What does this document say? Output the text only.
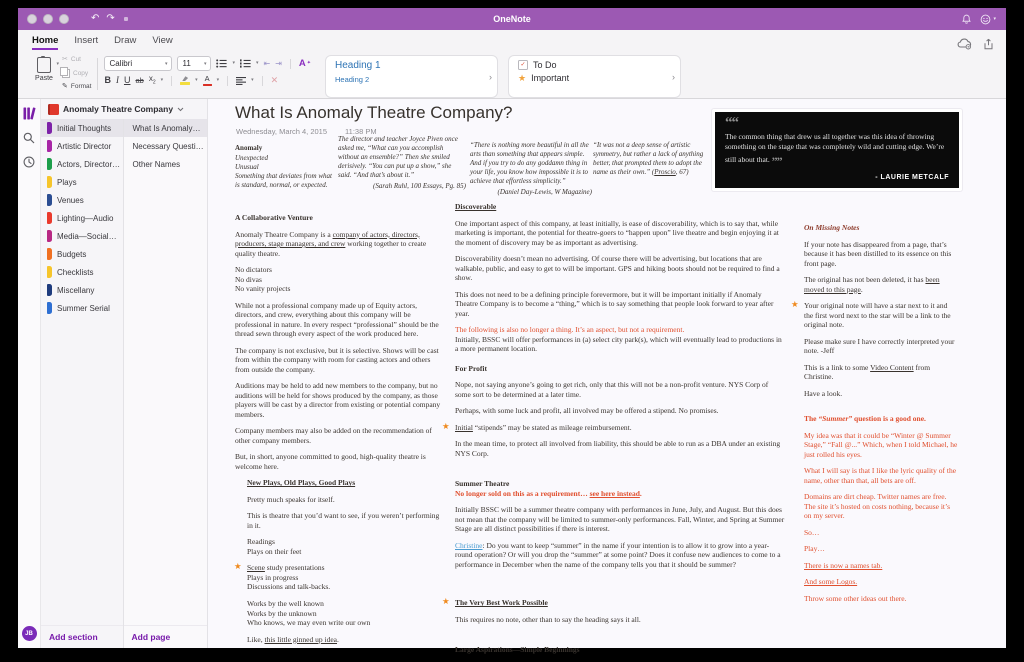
↶ ↷	OneNote	▾
Home Insert Draw View
Paste
▾
✂ Cut
Copy
✎ Format
Calibri	▾ 11	▾	▾	▾ ⇤ ⇥ A ✦
B I U ab $x_2$	▾	▾ A	▾	▾ ✕
Heading 1
Heading 2	›
✓ To Do
★ Important	›
JB
Anomaly Theatre Company
Initial Thoughts
Artistic Director
Actors, Director…
Plays
Venues
Lighting—Audio
Media—Social…
Budgets
Checklists
Miscellany
Summer Serial
Add section
What Is Anomaly…
Necessary Questi…
Other Names
Add page
What Is Anomaly Theatre Company?
Wednesday, March 4, 2015 11:38 PM
Anomaly
Unexpected
Unusual
Something that deviates from what is standard, normal, or expected.
The director and teacher Joyce Piven once asked me, “What can you accomplish without an ensemble?” Then she smiled derisively. “You can put up a show,” she said. “And that’s about it.”
(Sarah Ruhl, 100 Essays, Pg. 85)
“There is nothing more beautiful in all the arts than something that appears simple. And if you try to do any goddamn thing in your life, you know how impossible it is to achieve that effortless simplicity.”
(Daniel Day-Lewis, W Magazine)
“It was not a deep sense of artistic symmetry, but rather a lack of anything better, that prompted them to adopt the name as their own.” (Proscio, 67)
““
The common thing that drew us all together was this idea of throwing something on the stage that was completely wild and cutting edge. We’re still about that. ””
- LAURIE METCALF
A Collaborative Venture

Anomaly Theatre Company is a company of actors, directors, producers, stage managers, and crew working together to create quality theatre.

No dictators
No divas
No vanity projects

While not a professional company made up of Equity actors, directors, and crew, everything about this company will be professional in nature. In every respect “professional” should be the thread sewn through every aspect of the work produced here.

The company is not exclusive, but it is selective. Shows will be cast from within the company with room for casting actors and others from outside the company.

Auditions may be held to add new members to the company, but no auditions will be held for shows produced by the company, as those players will be cast by a director from existing or potential company members.

Company members may also be added on the recommendation of other company members.

But, in short, anyone committed to good, high-quality theatre is welcome here.

New Plays, Old Plays, Good Plays

Pretty much speaks for itself.

This is theatre that you’d want to see, if you weren’t performing in it.

Readings
Plays on their feet

★ Scene study presentations
Plays in progress
Discussions and talk-backs.

Works by the well known
Works by the unknown
Who knows, we may even write our own

Like, this little ginned up idea.

Discoverable

One important aspect of this company, at least initially, is ease of discoverability, which is to say that, while marketing is important, the potential for theatre-goers to “happen upon” live theatre and begin enjoying it at the moment of discovery may be as important as advertising.

Discoverability doesn’t mean no advertising. Of course there will be advertising, but locations that are walkable, public, and easy to get to will be important. GPS and hiking boots should not be required to find a show.

This does not need to be a defining principle forevermore, but it will be important initially if Anomaly Theatre Company is to become a “thing,” which is to say something that people look forward to year after year.

The following is also no longer a thing. It’s an aspect, but not a requirement.
Initially, BSSC will offer performances in (a) select city park(s), which will eventually lead to productions in a more permanent location.

For Profit

Nope, not saying anyone’s going to get rich, only that this will not be a non-profit venture. NYS Corp of some sort to be determined at a later time.

Perhaps, with some luck and profit, all involved may be offered a stipend. No promises.

★ Initial “stipends” may be stated as mileage reimbursement.

In the mean time, to protect all involved from liability, this should be able to run as a DBA under an existing NYS Corp.

Summer Theatre

No longer sold on this as a requirement… see here instead.

Initially BSSC will be a summer theatre company with performances in June, July, and August. But this does not mean that the company will be limited to summer-only performances. Fall, Winter, and Spring at Summer Stage are all distinct possibilities if there is interest.

Christine: Do you want to keep “summer” in the name if your intention is to allow it to grow into a year-round operation? Or will you drop the “summer” at some point? Does it confuse new audiences to come to a performance in December when the name of the company tells you that it should be summer?

★ The Very Best Work Possible

This requires no note, other than to say the heading says it all.

Large Aspirations—Simple Beginnings
On Missing Notes

If your note has disappeared from a page, that’s because it has been distilled to its essence on this front page.

The original has not been deleted, it has been moved to this page.

★ Your original note will have a star next to it and the first word next to the star will be a link to the original note.

Please make sure I have correctly interpreted your note. -Jeff

This is a link to some Video Content from Christine.

Have a look.

The “Summer” question is a good one.

My idea was that it could be “Winter @ Summer Stage,” “Fall @...” Which, when I told Michael, he just rolled his eyes.

What I will say is that I like the lyric quality of the name, other than that, all bets are off.

Domains are dirt cheap. Twitter names are free. The site it’s hosted on costs nothing, because it’s on my server.

So…

Play…

There is now a names tab.

And some Logos.

Throw some other ideas out there.
